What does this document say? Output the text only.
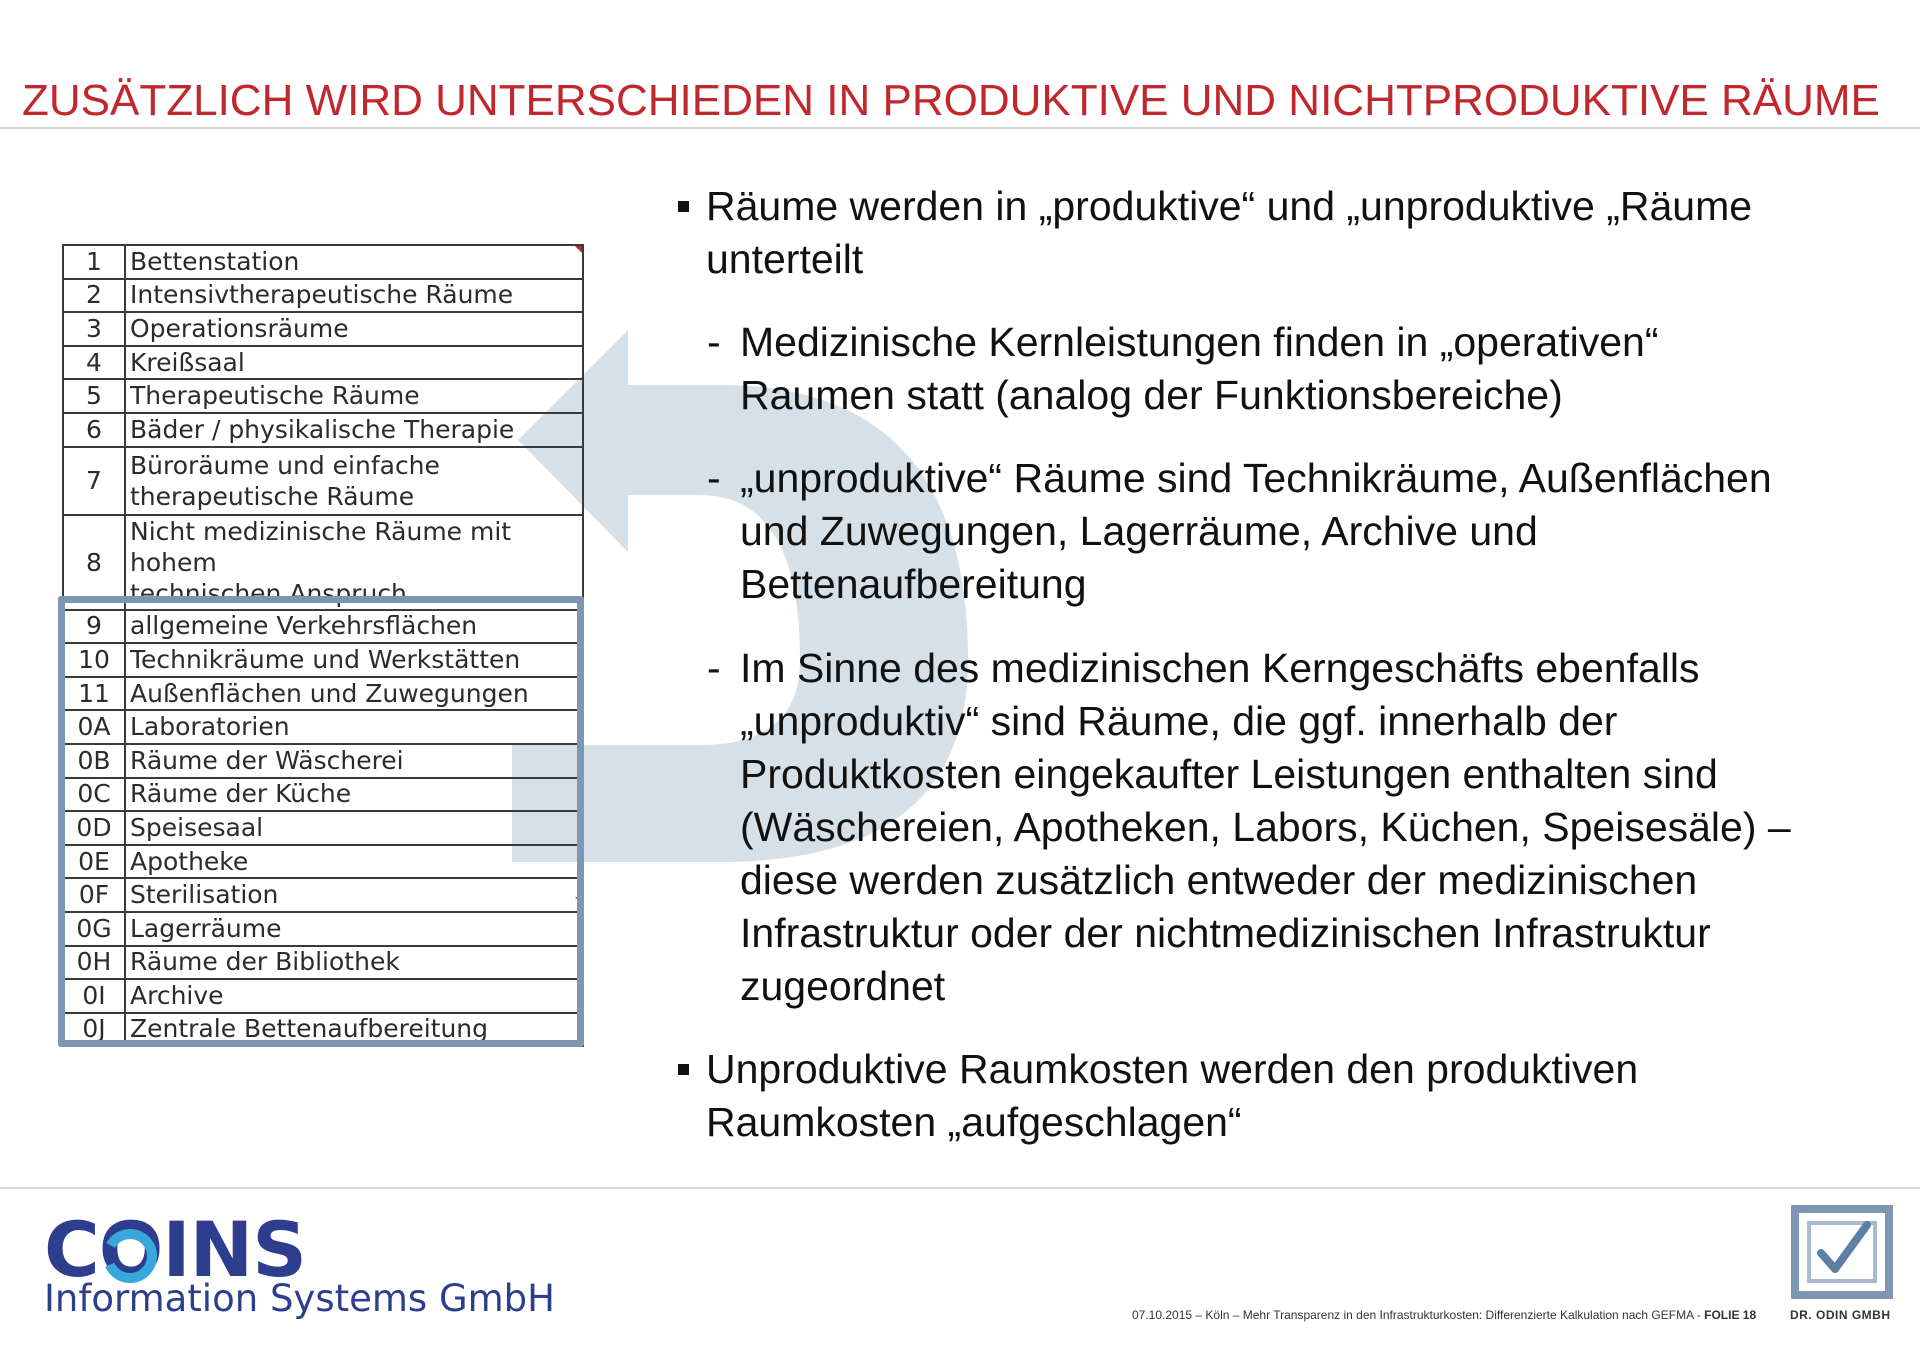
ZUSÄTZLICH WIRD UNTERSCHIEDEN IN PRODUKTIVE UND NICHTPRODUKTIVE RÄUME
1	Bettenstation
2	Intensivtherapeutische Räume
3	Operationsräume
4	Kreißsaal
5	Therapeutische Räume
6	Bäder / physikalische Therapie
7	Büroräume und einfache
therapeutische Räume

8	Nicht medizinische Räume mit hohem
technischen Anspruch

9	allgemeine Verkehrsflächen
10	Technikräume und Werkstätten
11	Außenflächen und Zuwegungen
0A	Laboratorien
0B	Räume der Wäscherei
0C	Räume der Küche
0D	Speisesaal
0E	Apotheke
0F	Sterilisation
0G	Lagerräume
0H	Räume der Bibliothek
0I	Archive
0J	Zentrale Bettenaufbereitung
Räume werden in „produktive“ und „unproduktive „Räume
unterteilt
- Medizinische Kernleistungen finden in „operativen“
Raumen statt (analog der Funktionsbereiche)
- „unproduktive“ Räume sind Technikräume, Außenflächen
und Zuwegungen, Lagerräume, Archive und
Bettenaufbereitung
- Im Sinne des medizinischen Kerngeschäfts ebenfalls
„unproduktiv“ sind Räume, die ggf. innerhalb der
Produktkosten eingekaufter Leistungen enthalten sind
(Wäschereien, Apotheken, Labors, Küchen, Speisesäle) –
diese werden zusätzlich entweder der medizinischen
Infrastruktur oder der nichtmedizinischen Infrastruktur
zugeordnet
Unproduktive Raumkosten werden den produktiven
Raumkosten „aufgeschlagen“
COINS
Information Systems GmbH	07.10.2015 – Köln – Mehr Transparenz in den Infrastrukturkosten: Differenzierte Kalkulation nach GEFMA - FOLIE 18	DR. ODIN GMBH
